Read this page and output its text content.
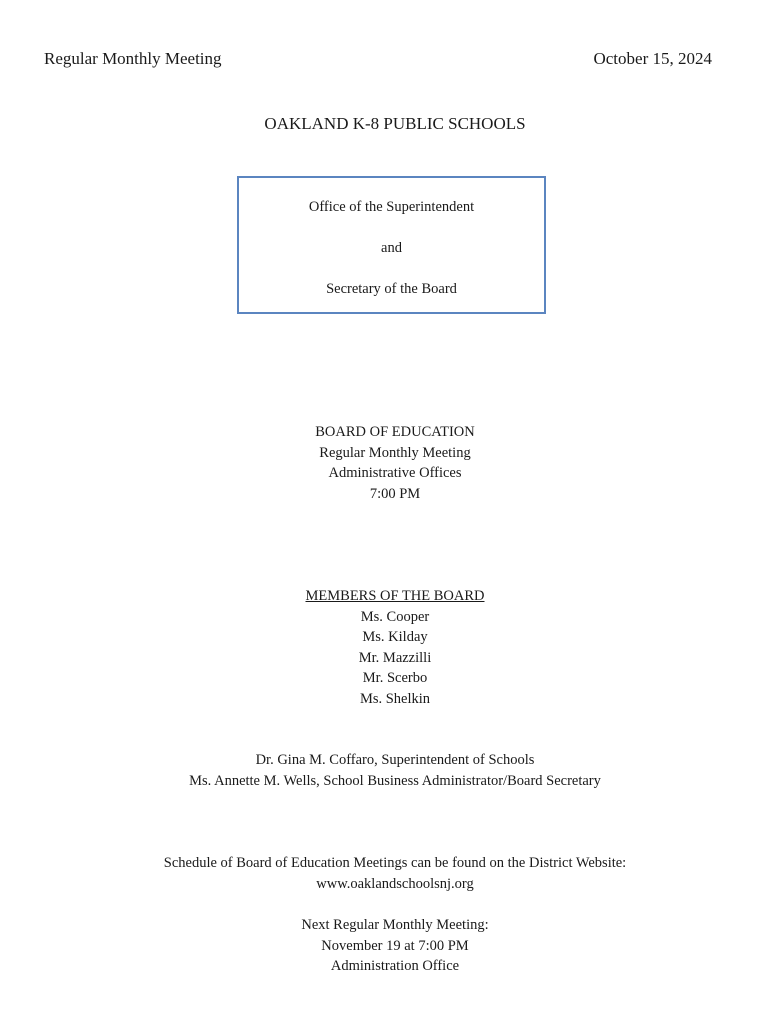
Regular Monthly Meeting	October 15, 2024
OAKLAND K-8 PUBLIC SCHOOLS
Office of the Superintendent
and
Secretary of the Board
BOARD OF EDUCATION
Regular Monthly Meeting
Administrative Offices
7:00 PM
MEMBERS OF THE BOARD
Ms. Cooper
Ms. Kilday
Mr. Mazzilli
Mr. Scerbo
Ms. Shelkin
Dr. Gina M. Coffaro, Superintendent of Schools
Ms. Annette M. Wells, School Business Administrator/Board Secretary
Schedule of Board of Education Meetings can be found on the District Website:
www.oaklandschoolsnj.org
Next Regular Monthly Meeting:
November 19 at 7:00 PM
Administration Office
